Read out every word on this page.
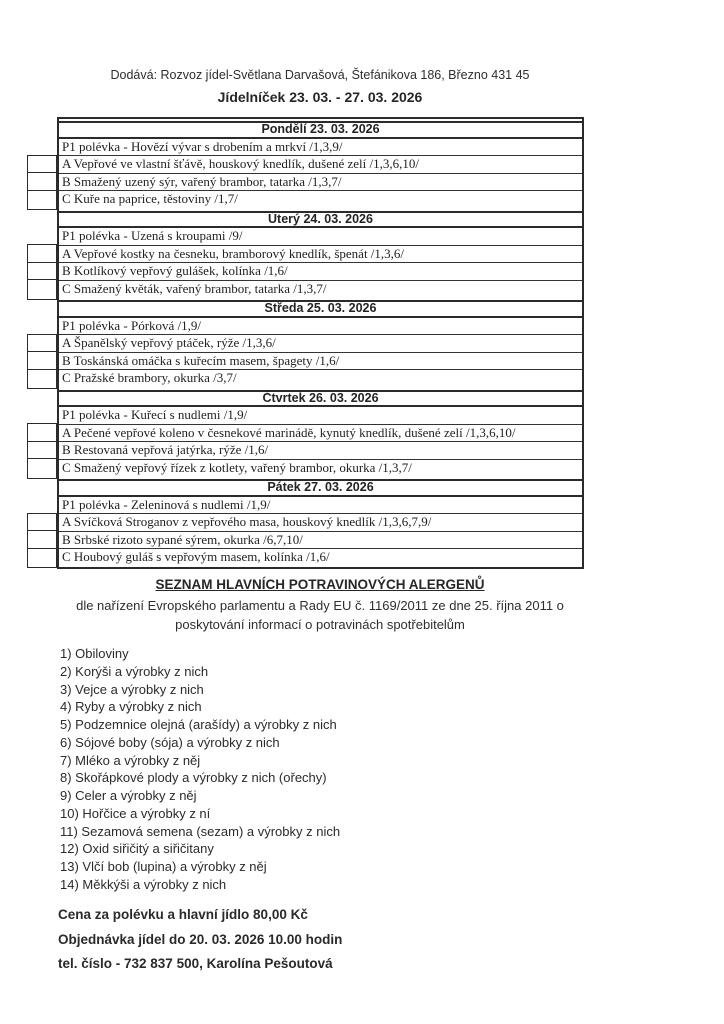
Dodává: Rozvoz jídel-Světlana Darvašová, Štefánikova 186, Březno 431 45
Jídelníček 23. 03. - 27. 03. 2026
Pondělí 23. 03. 2026
P1 polévka - Hovězí vývar s drobením a mrkví /1,3,9/
A Vepřové ve vlastní šťávě, houskový knedlík, dušené zelí /1,3,6,10/
B Smažený uzený sýr, vařený brambor, tatarka /1,3,7/
C Kuře na paprice, těstoviny /1,7/
Úterý 24. 03. 2026
P1 polévka - Uzená s kroupami /9/
A Vepřové kostky na česneku, bramborový knedlík, špenát /1,3,6/
B Kotlíkový vepřový gulášek, kolínka /1,6/
C Smažený květák, vařený brambor, tatarka /1,3,7/
Středa 25. 03. 2026
P1 polévka - Pórková /1,9/
A Španělský vepřový ptáček, rýže /1,3,6/
B Toskánská omáčka s kuřecím masem, špagety /1,6/
C Pražské brambory, okurka /3,7/
Čtvrtek 26. 03. 2026
P1 polévka - Kuřecí s nudlemi /1,9/
A Pečené vepřové koleno v česnekové marinádě, kynutý knedlík, dušené zelí /1,3,6,10/
B Restovaná vepřová jatýrka, rýže /1,6/
C Smažený vepřový řízek z kotlety, vařený brambor, okurka /1,3,7/
Pátek 27. 03. 2026
P1 polévka - Zeleninová s nudlemi /1,9/
A Svíčková Stroganov z vepřového masa, houskový knedlík /1,3,6,7,9/
B Srbské rizoto sypané sýrem, okurka /6,7,10/
C Houbový guláš s vepřovým masem, kolínka /1,6/
SEZNAM HLAVNÍCH POTRAVINOVÝCH ALERGENŮ
dle nařízení Evropského parlamentu a Rady EU č. 1169/2011 ze dne 25. října 2011 o
poskytování informací o potravinách spotřebitelům
1) Obiloviny
2) Korýši a výrobky z nich
3) Vejce a výrobky z nich
4) Ryby a výrobky z nich
5) Podzemnice olejná (arašídy) a výrobky z nich
6) Sójové boby (sója) a výrobky z nich
7) Mléko a výrobky z něj
8) Skořápkové plody a výrobky z nich (ořechy)
9) Celer a výrobky z něj
10) Hořčice a výrobky z ní
11) Sezamová semena (sezam) a výrobky z nich
12) Oxid siřičitý a siřičitany
13) Vlčí bob (lupina) a výrobky z něj
14) Měkkýši a výrobky z nich
Cena za polévku a hlavní jídlo 80,00 Kč
Objednávka jídel do 20. 03. 2026 10.00 hodin
tel. číslo - 732 837 500, Karolína Pešoutová
